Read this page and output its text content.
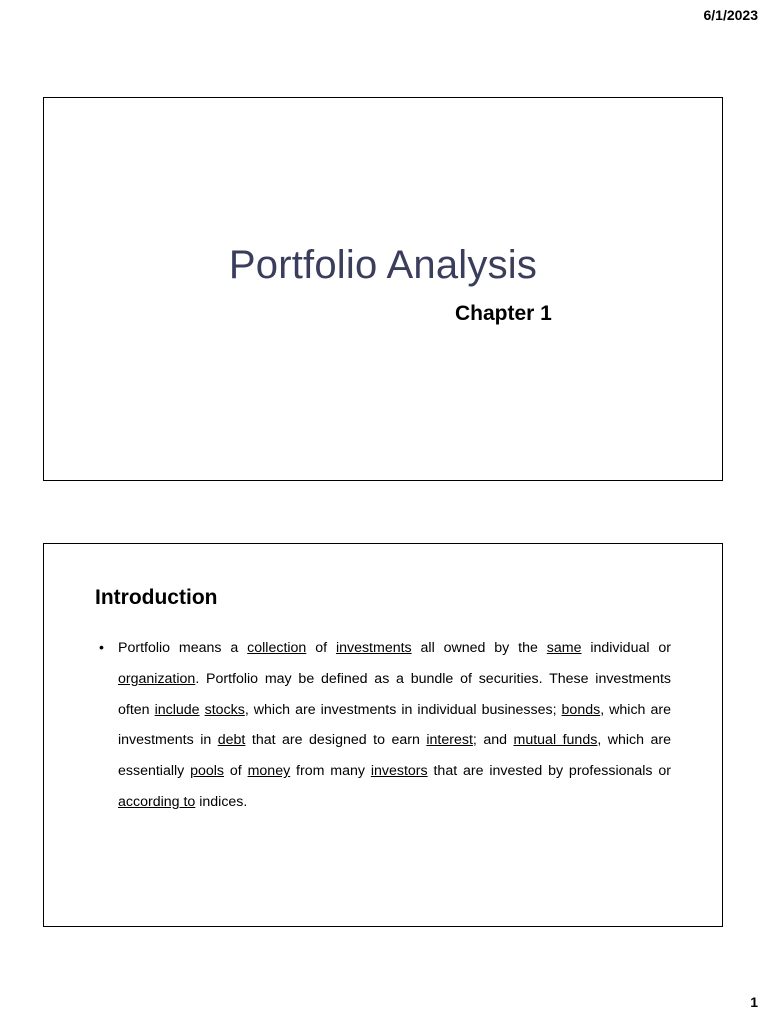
6/1/2023
Portfolio Analysis
Chapter 1
Introduction
• Portfolio means a collection of investments all owned by the same individual or organization. Portfolio may be defined as a bundle of securities. These investments often include stocks, which are investments in individual businesses; bonds, which are investments in debt that are designed to earn interest; and mutual funds, which are essentially pools of money from many investors that are invested by professionals or according to indices.
1
